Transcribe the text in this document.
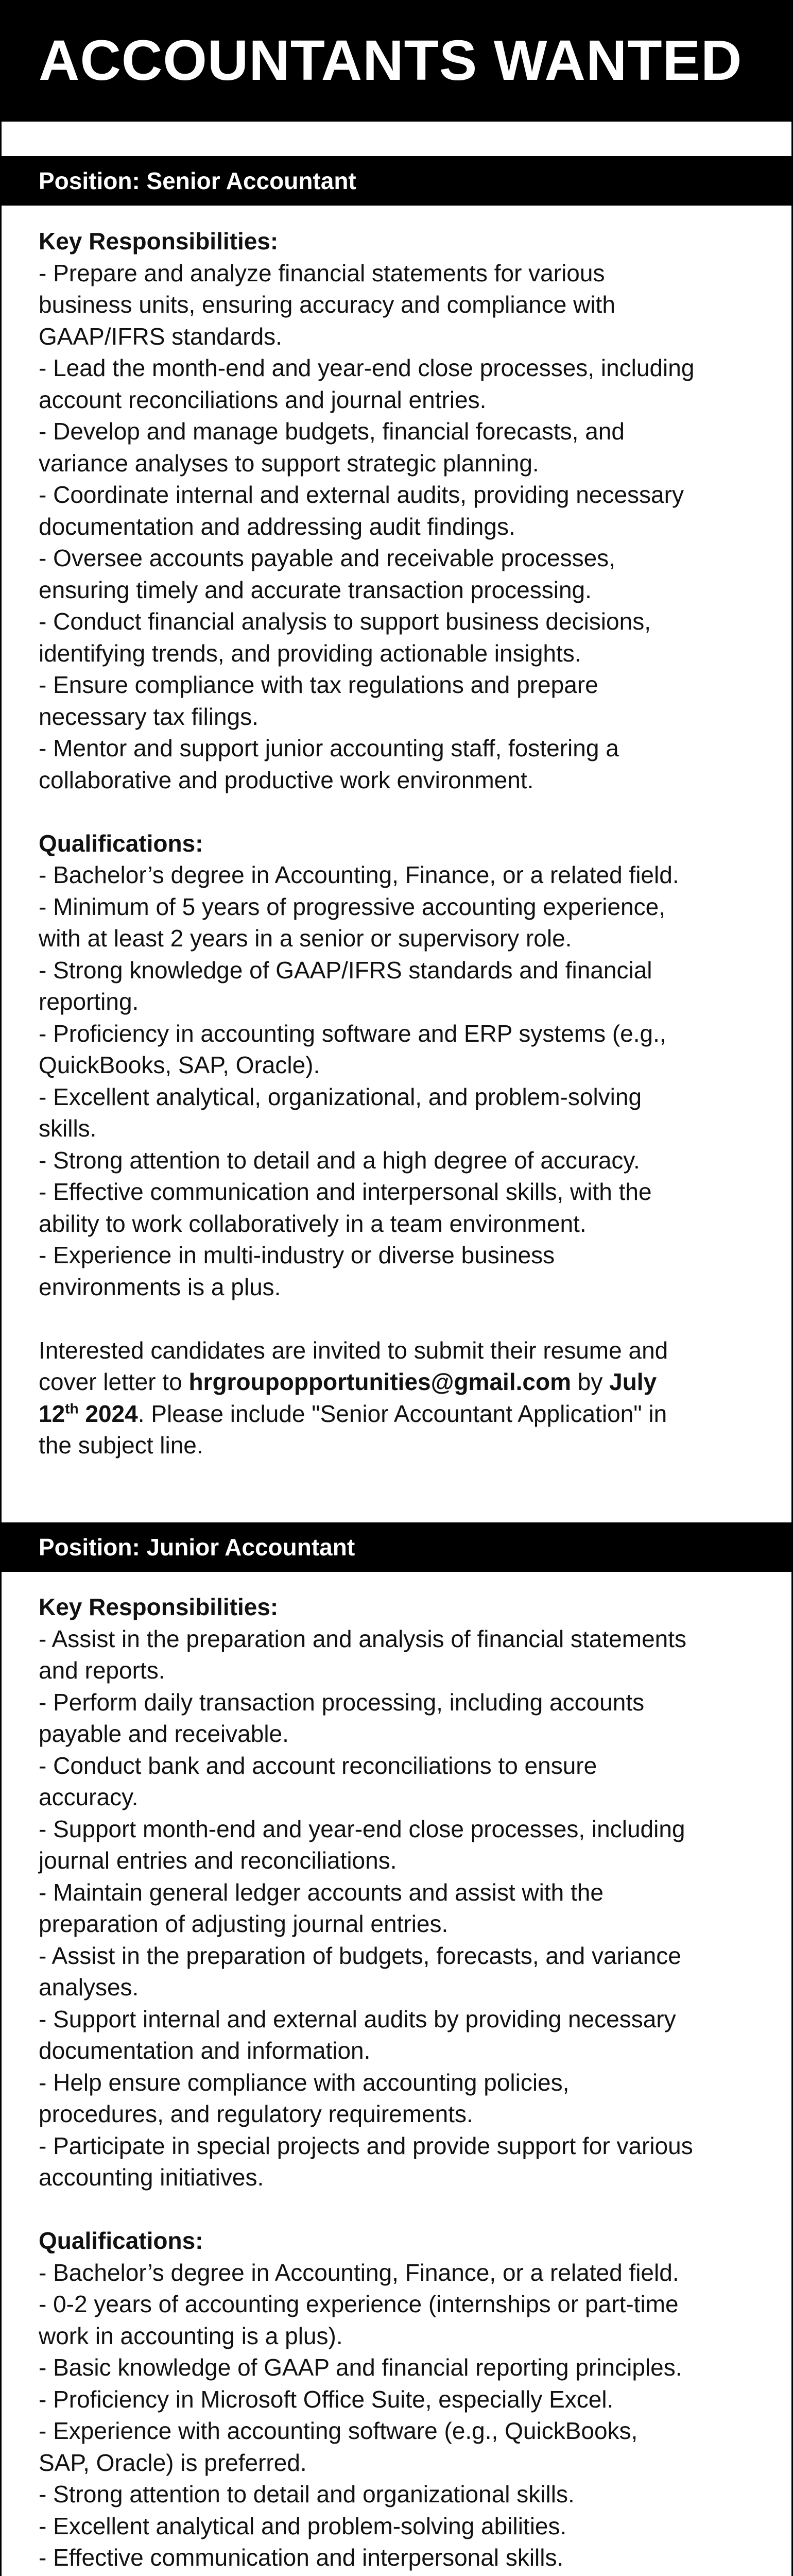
ACCOUNTANTS WANTED
Position: Senior Accountant
Key Responsibilities:
- Prepare and analyze financial statements for various
business units, ensuring accuracy and compliance with
GAAP/IFRS standards.
- Lead the month-end and year-end close processes, including
account reconciliations and journal entries.
- Develop and manage budgets, financial forecasts, and
variance analyses to support strategic planning.
- Coordinate internal and external audits, providing necessary
documentation and addressing audit findings.
- Oversee accounts payable and receivable processes,
ensuring timely and accurate transaction processing.
- Conduct financial analysis to support business decisions,
identifying trends, and providing actionable insights.
- Ensure compliance with tax regulations and prepare
necessary tax filings.
- Mentor and support junior accounting staff, fostering a
collaborative and productive work environment.
Qualifications:
- Bachelor’s degree in Accounting, Finance, or a related field.
- Minimum of 5 years of progressive accounting experience,
with at least 2 years in a senior or supervisory role.
- Strong knowledge of GAAP/IFRS standards and financial
reporting.
- Proficiency in accounting software and ERP systems (e.g.,
QuickBooks, SAP, Oracle).
- Excellent analytical, organizational, and problem-solving
skills.
- Strong attention to detail and a high degree of accuracy.
- Effective communication and interpersonal skills, with the
ability to work collaboratively in a team environment.
- Experience in multi-industry or diverse business
environments is a plus.
Interested candidates are invited to submit their resume and
cover letter to hrgroupopportunities@gmail.com by July
12th 2024. Please include "Senior Accountant Application" in
the subject line.
Position: Junior Accountant
Key Responsibilities:
- Assist in the preparation and analysis of financial statements
and reports.
- Perform daily transaction processing, including accounts
payable and receivable.
- Conduct bank and account reconciliations to ensure
accuracy.
- Support month-end and year-end close processes, including
journal entries and reconciliations.
- Maintain general ledger accounts and assist with the
preparation of adjusting journal entries.
- Assist in the preparation of budgets, forecasts, and variance
analyses.
- Support internal and external audits by providing necessary
documentation and information.
- Help ensure compliance with accounting policies,
procedures, and regulatory requirements.
- Participate in special projects and provide support for various
accounting initiatives.
Qualifications:
- Bachelor’s degree in Accounting, Finance, or a related field.
- 0-2 years of accounting experience (internships or part-time
work in accounting is a plus).
- Basic knowledge of GAAP and financial reporting principles.
- Proficiency in Microsoft Office Suite, especially Excel.
- Experience with accounting software (e.g., QuickBooks,
SAP, Oracle) is preferred.
- Strong attention to detail and organizational skills.
- Excellent analytical and problem-solving abilities.
- Effective communication and interpersonal skills.
